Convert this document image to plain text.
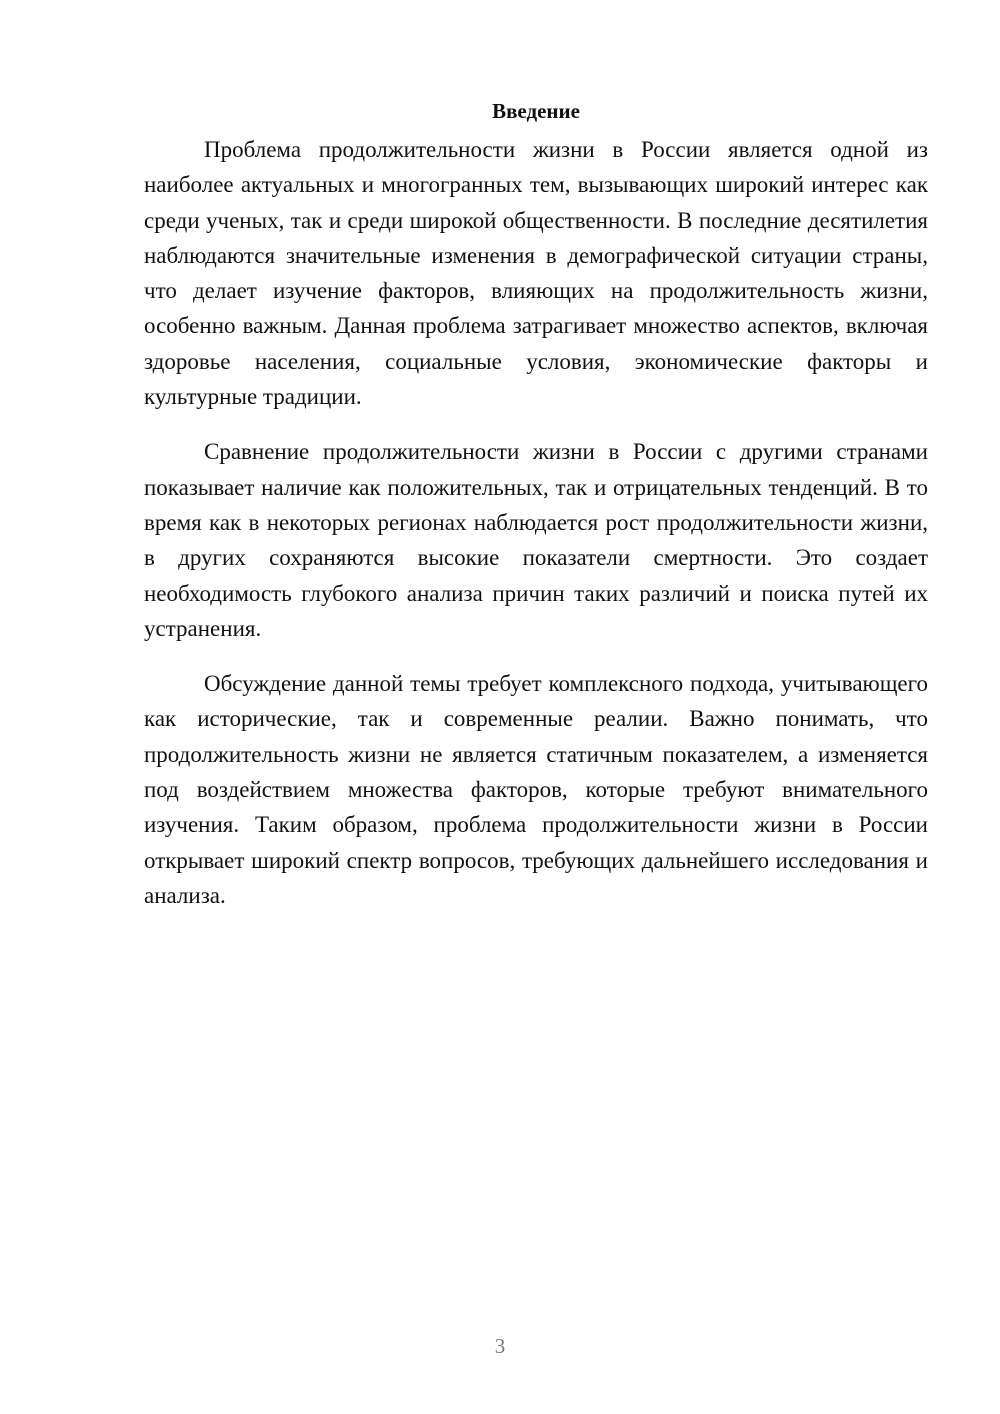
Введение

Проблема продолжительности жизни в России является одной из наиболее актуальных и многогранных тем, вызывающих широкий интерес как среди ученых, так и среди широкой общественности. В последние десятилетия наблюдаются значительные изменения в демографической ситуации страны, что делает изучение факторов, влияющих на продолжительность жизни, особенно важным. Данная проблема затрагивает множество аспектов, включая здоровье населения, социальные условия, экономические факторы и культурные традиции.

Сравнение продолжительности жизни в России с другими странами показывает наличие как положительных, так и отрицательных тенденций. В то время как в некоторых регионах наблюдается рост продолжительности жизни, в других сохраняются высокие показатели смертности. Это создает необходимость глубокого анализа причин таких различий и поиска путей их устранения.

Обсуждение данной темы требует комплексного подхода, учитывающего как исторические, так и современные реалии. Важно понимать, что продолжительность жизни не является статичным показателем, а изменяется под воздействием множества факторов, которые требуют внимательного изучения. Таким образом, проблема продолжительности жизни в России открывает широкий спектр вопросов, требующих дальнейшего исследования и анализа.

3
